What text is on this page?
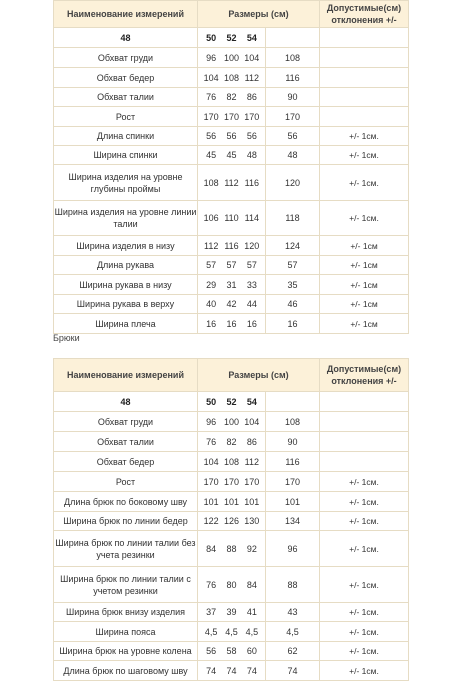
Наименование измерений	Размеры (см)		Допустимые(см) отклонения +/-
48	50 52 54		

Обхват груди	96 100 104	108	
Обхват бедер	104 108 112	116	
Обхват талии	76 82 86	90	
Рост	170 170 170	170	
Длина спинки	56 56 56	56	+/- 1см.
Ширина спинки	45 45 48	48	+/- 1см.
Ширина изделия на уровне глубины проймы	108 112 116	120	+/- 1см.
Ширина изделия на уровне линии талии	106 110 114	118	+/- 1см.
Ширина изделия в низу	112 116 120	124	+/- 1см
Длина рукава	57 57 57	57	+/- 1см
Ширина рукава в низу	29 31 33	35	+/- 1см
Ширина рукава в верху	40 42 44	46	+/- 1см
Ширина плеча	16 16 16	16	+/- 1см
Брюки
Наименование измерений	Размеры (см)		Допустимые(см) отклонения +/-
48	50 52 54		

Обхват груди	96 100 104	108	
Обхват талии	76 82 86	90	
Обхват бедер	104 108 112	116	
Рост	170 170 170	170	+/- 1см.
Длина брюк по боковому шву	101 101 101	101	+/- 1см.
Ширина брюк по линии бедер	122 126 130	134	+/- 1см.
Ширина брюк по линии талии без учета резинки	84 88 92	96	+/- 1см.
Ширина брюк по линии талии с учетом резинки	76 80 84	88	+/- 1см.
Ширина брюк внизу изделия	37 39 41	43	+/- 1см.
Ширина пояса	4,5 4,5 4,5	4,5	+/- 1см.
Ширина брюк на уровне колена	56 58 60	62	+/- 1см.
Длина брюк по шаговому шву	74 74 74	74	+/- 1см.
